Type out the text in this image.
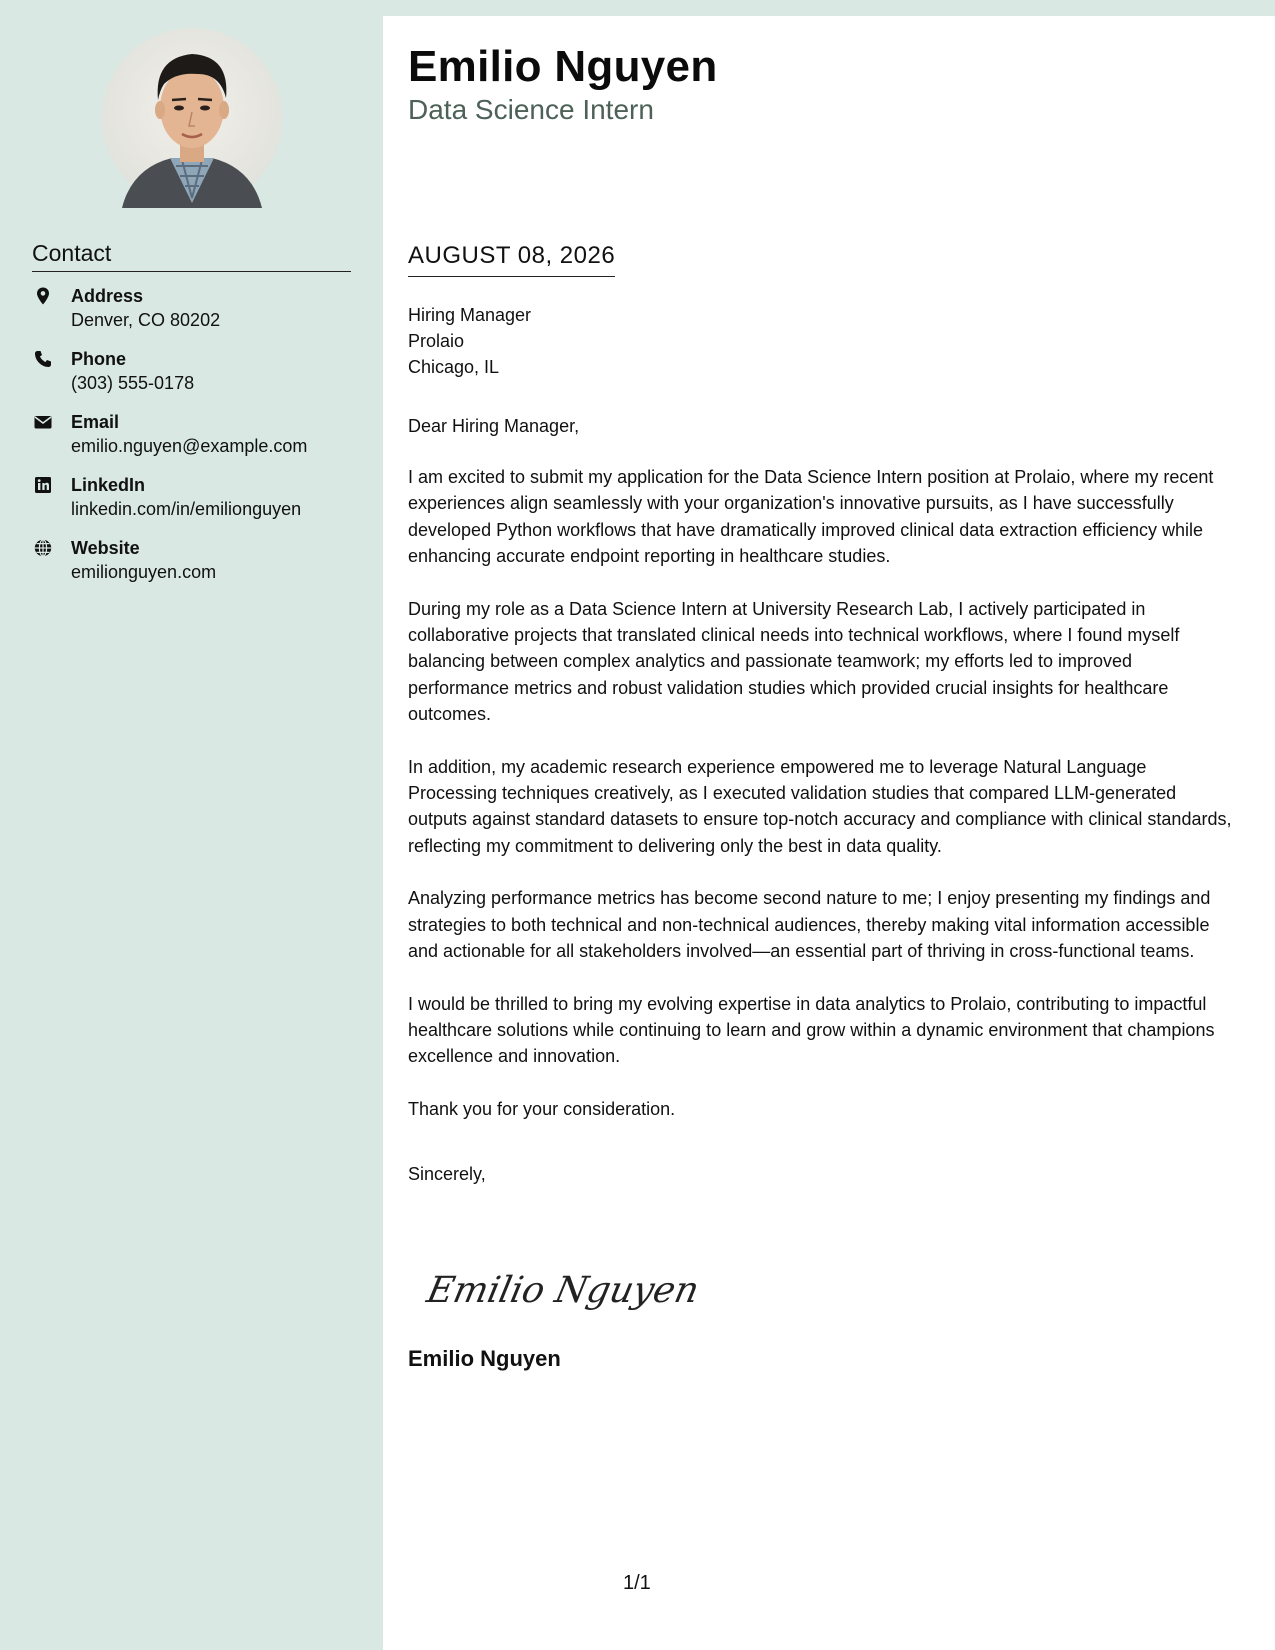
Contact
Address
Denver, CO 80202
Phone
(303) 555-0178
Email
emilio.nguyen@example.com
LinkedIn
linkedin.com/in/emilionguyen
Website
emilionguyen.com
Emilio Nguyen
Data Science Intern
AUGUST 08, 2026
Hiring Manager
Prolaio
Chicago, IL
Dear Hiring Manager,

I am excited to submit my application for the Data Science Intern position at Prolaio, where my recent experiences align seamlessly with your organization's innovative pursuits, as I have successfully developed Python workflows that have dramatically improved clinical data extraction efficiency while enhancing accurate endpoint reporting in healthcare studies.

During my role as a Data Science Intern at University Research Lab, I actively participated in collaborative projects that translated clinical needs into technical workflows, where I found myself balancing between complex analytics and passionate teamwork; my efforts led to improved performance metrics and robust validation studies which provided crucial insights for healthcare outcomes.

In addition, my academic research experience empowered me to leverage Natural Language Processing techniques creatively, as I executed validation studies that compared LLM-generated outputs against standard datasets to ensure top-notch accuracy and compliance with clinical standards, reflecting my commitment to delivering only the best in data quality.

Analyzing performance metrics has become second nature to me; I enjoy presenting my findings and strategies to both technical and non-technical audiences, thereby making vital information accessible and actionable for all stakeholders involved—an essential part of thriving in cross-functional teams.

I would be thrilled to bring my evolving expertise in data analytics to Prolaio, contributing to impactful healthcare solutions while continuing to learn and grow within a dynamic environment that champions excellence and innovation.

Thank you for your consideration.

Sincerely,
Emilio Nguyen
Emilio Nguyen
1/1
